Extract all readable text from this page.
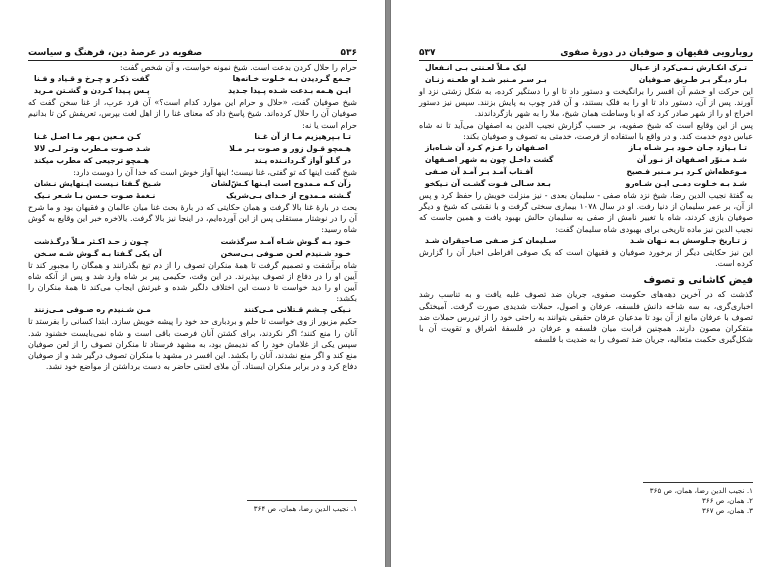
۵۳۶
صفویه در عرصهٔ دین، فرهنگ و سیاست

حرام را حلال کردن بدعت است. شیخ نمونه خواست، و آن شخص گفت:

جـمع گـردیدن بـه خـلوت خـانه‌ها
گفت ذکـر و چـرخ و قـیاد و فـنا
ایـن هـمه بـدعت شـده پـیدا جـدید
پـس پـیدا کـردن و گشـتن مـرید

شیخ صوفیان گفت، «حلال و حرام این موارد کدام است؟» آن فرد عرب، از غنا سخن گفت که صوفیان آن را حلال کرده‌اند. شیخ پاسخ داد که معنای غنا را از اهل لغت بپرس، تعریفش کن تا بدانیم حرام است یا نه:

تـا بـپرهیزیم مـا از آن غـنا
کـن مـعین بـهر مـا اصـل غـنا
هـمچو قـول زور و صـوت بـر مـلا
شـد صـوت مـطرب وتـر لـی لالا
در گـلو آواز گـردانـنده یـند
هـمچو ترجیعی که مطرب میکند

شیخ گفت اینها که تو گفتی، غنا نیست؛ اینها آواز خوش است که خدا آن را دوست دارد:

زآن کـه مـمدوح است ایـنها کـش‌ّلشان
شـیخ گـفتا نـیست ایـنهایش نـشان
گـشته مـمدوح از خـدای بـی‌شریک
نـغمهٔ صـوت حـسن بـا شـعر نـیک

بحث در بارهٔ غنا بالا گرفت و همان حکایتی که در بارهٔ بحث غنا میان عالمان و فقیهان بود و ما شرح آن را در نوشتار مستقلی پس از این آورده‌ایم، در اینجا نیز بالا گرفت. بالاخره خبر این وقایع به گوش شاه رسید:

خـود بـه گـوش شـاه آمـد سرگذشت
چـون ز حـد اکـثر مـلاّ درگـذشت
خـود شـنیدم لعـن صـوفی بـی‌سخن
آن یکی گـفتا بـه گـوش شـه سـخن

شاه برآشفت و تصمیم گرفت تا همهٔ منکران تصوف را از دم تیغ بگذرانند و همگان را مجبور کند تا آیین او را در دفاع از تصوف بپذیرند. در این وقت، حکیمی پیر بر شاه وارد شد و پس از آنکه شاه آیین او را دید خواست تا دست این اختلاف دلگیر شده و غیرتش ایجاب می‌کند تا همهٔ منکران را بکشد:

نـیکی چـشم قـتلانی مـی‌کنند
مـن شـنیدم ره صـوفی مـی‌زنند

حکیم مزبور از وی خواست تا حلم و بردباری حد خود را پیشه خویش سازد. ابتدا کسانی را بفرستد تا آنان را منع کنند؛ اگر نکردند، برای کشتن آنان فرصت باقی است و شاه نمی‌بایست خشنود شد. سپس یکی از غلامان خود را که ندیمش بود، به مشهد فرستاد تا منکران تصوف را از لعن صوفیان منع کند و اگر منع نشدند، آنان را بکشد. این افسر در مشهد با منکران تصوف درگیر شد و از صوفیان دفاع کرد و در برابر منکران ایستاد. آن ملای لعنتی حاضر به دست برداشتن از مواضع خود نشد.

۱. نجیب الدین رضا، همان، ص ۳۶۴
رویارویی فقیهان و صوفیان در دورهٔ صفوی
۵۳۷
تـرک انکـارش نـمی‌کرد از عـیال
لیک مـلاّ لعـنتی بـی انـفعال
بـار دیـگر بـر طـریق صـوفیان
بـر سـر مـنبر شـد او طعـنه زنـان

این حرکت او خشم آن افسر را برانگیخت و دستور داد تا او را دستگیر کرده، به شکل زشتی نزد او آورند. پس از آن، دستور داد تا او را به فلک بستند، و آن قدر چوب به پایش بزنند. سپس نیز دستور اخراج او را از شهر صادر کرد که او با وساطت همان شیخ، ملا را به شهر بازگرداندند.

پس از این وقایع است که شیخ صفویه، بر حسب گزارش نجیب الدین به اصفهان می‌آید تا نه شاه عباس دوم خدمت کند. و در واقع با استفاده از فرصت، خدمتی به تصوف و صوفیان بکند:

تـا بـیازد جـان خـود بـر شـاه بـاز
اصـفهان را عـزم کـرد آن شـاه‌باز
شـد مـنوّر اصـفهان از نـور آن
گشت داخـل چون به شهر اصـفهان
مـوعظه‌اش کـرد بـر مـنبر فـصیح
آفـتاب آمـد بـر آمـد آن صـفی
شـد بـه خـلوت دمـی ایـن شـاه‌رو
بـعد سـالی فـوت گشـت آن نـیکخو

به گفتهٔ نجیب الدین رضا، شیخ نزد شاه صفی - سلیمان بعدی - نیز منزلت خویش را حفظ کرد و پس از آن، بر عمر سلیمان از دنیا رفت. او در سال ۱۰۷۸ بیماری سختی گرفت و با نقشی که شیخ و دیگر صوفیان بازی کردند، شاه با تغییر نامش از صفی به سلیمان حالش بهبود یافت و همین جاست که نجیب الدین نیز ماده تاریخی برای بهبودی شاه سلیمان گفت:

ز تـاریخ جـلوسش بـه نـهان شـد
سـلیمان کـز صـفی صـاحبقران شـد

این نیز حکایتی دیگر از برخورد صوفیان و فقیهان است که یک صوفی افراطی اخبار آن را گزارش کرده است.

فیض کاشانی و تصوف

گذشت که در آخرین دهه‌های حکومت صفوی، جریان ضد تصوف غلبه یافت و به تناسب رشد اخباری‌گری، به سه شاخه دانش فلسفه، عرفان و اصول، حملات شدیدی صورت گرفت. آمیختگی تصوف با عرفان مانع از آن بود تا مدعیان عرفان حقیقی بتوانند به راحتی خود را از تیررس حملات ضد متفکران مصون دارند. همچنین قرابت میان فلسفه و عرفان در فلسفهٔ اشراق و تقویت آن با شکل‌گیری حکمت متعالیه، جریان ضد تصوف را به ضدیت با فلسفه

۱. نجیب الدین رضا، همان، ص ۳۶۵
۲. همان، ص ۳۶۶
۳. همان، ص ۳۶۷
